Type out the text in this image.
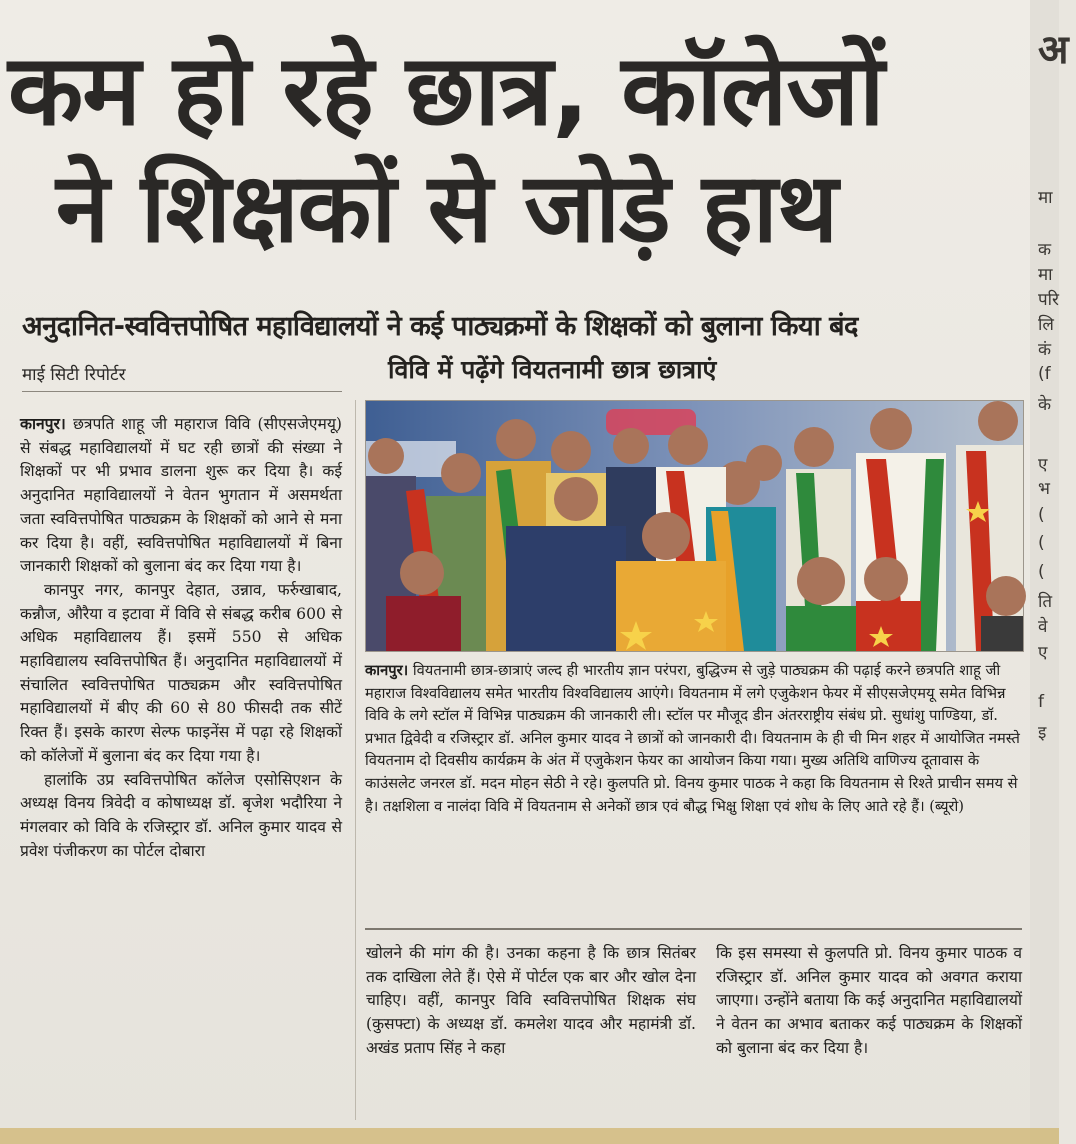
कम हो रहे छात्र, कॉलेजों
ने शिक्षकों से जोड़े हाथ
अनुदानित-स्ववित्तपोषित महाविद्यालयों ने कई पाठ्यक्रमों के शिक्षकों को बुलाना किया बंद
माई सिटी रिपोर्टर

कानपुर। छत्रपति शाहू जी महाराज विवि (सीएसजेएमयू) से संबद्ध महाविद्यालयों में घट रही छात्रों की संख्या ने शिक्षकों पर भी प्रभाव डालना शुरू कर दिया है। कई अनुदानित महाविद्यालयों ने वेतन भुगतान में असमर्थता जता स्ववित्तपोषित पाठ्यक्रम के शिक्षकों को आने से मना कर दिया है। वहीं, स्ववित्तपोषित महाविद्यालयों में बिना जानकारी शिक्षकों को बुलाना बंद कर दिया गया है।

कानपुर नगर, कानपुर देहात, उन्नाव, फर्रुखाबाद, कन्नौज, औरैया व इटावा में विवि से संबद्ध करीब 600 से अधिक महाविद्यालय हैं। इसमें 550 से अधिक महाविद्यालय स्ववित्तपोषित हैं। अनुदानित महाविद्यालयों में संचालित स्ववित्तपोषित पाठ्यक्रम और स्ववित्तपोषित महाविद्यालयों में बीए की 60 से 80 फीसदी तक सीटें रिक्त हैं। इसके कारण सेल्फ फाइनेंस में पढ़ा रहे शिक्षकों को कॉलेजों में बुलाना बंद कर दिया गया है।

हालांकि उप्र स्ववित्तपोषित कॉलेज एसोसिएशन के अध्यक्ष विनय त्रिवेदी व कोषाध्यक्ष डॉ. बृजेश भदौरिया ने मंगलवार को विवि के रजिस्ट्रार डॉ. अनिल कुमार यादव से प्रवेश पंजीकरण का पोर्टल दोबारा

विवि में पढ़ेंगे वियतनामी छात्र छात्राएं
कानपुर। वियतनामी छात्र-छात्राएं जल्द ही भारतीय ज्ञान परंपरा, बुद्धिज्म से जुड़े पाठ्यक्रम की पढ़ाई करने छत्रपति शाहू जी महाराज विश्वविद्यालय समेत भारतीय विश्वविद्यालय आएंगे। वियतनाम में लगे एजुकेशन फेयर में सीएसजेएमयू समेत विभिन्न विवि के लगे स्टॉल में विभिन्न पाठ्यक्रम की जानकारी ली। स्टॉल पर मौजूद डीन अंतरराष्ट्रीय संबंध प्रो. सुधांशु पाण्डिया, डॉ. प्रभात द्विवेदी व रजिस्ट्रार डॉ. अनिल कुमार यादव ने छात्रों को जानकारी दी। वियतनाम के ही ची मिन शहर में आयोजित नमस्ते वियतनाम दो दिवसीय कार्यक्रम के अंत में एजुकेशन फेयर का आयोजन किया गया। मुख्य अतिथि वाणिज्य दूतावास के काउंसलेट जनरल डॉ. मदन मोहन सेठी ने रहे। कुलपति प्रो. विनय कुमार पाठक ने कहा कि वियतनाम से रिश्ते प्राचीन समय से है। तक्षशिला व नालंदा विवि में वियतनाम से अनेकों छात्र एवं बौद्ध भिक्षु शिक्षा एवं शोध के लिए आते रहे हैं। (ब्यूरो)
खोलने की मांग की है। उनका कहना है कि छात्र सितंबर तक दाखिला लेते हैं। ऐसे में पोर्टल एक बार और खोल देना चाहिए। वहीं, कानपुर विवि स्ववित्तपोषित शिक्षक संघ (कुसफ्टा) के अध्यक्ष डॉ. कमलेश यादव और महामंत्री डॉ. अखंड प्रताप सिंह ने कहा
कि इस समस्या से कुलपति प्रो. विनय कुमार पाठक व रजिस्ट्रार डॉ. अनिल कुमार यादव को अवगत कराया जाएगा। उन्होंने बताया कि कई अनुदानित महाविद्यालयों ने वेतन का अभाव बताकर कई पाठ्यक्रम के शिक्षकों को बुलाना बंद कर दिया है।
अ
मा
क
मा
परि
लि
कं
(f
के
ए
भ
(
(
(
ति
वे
ए
f
इ
